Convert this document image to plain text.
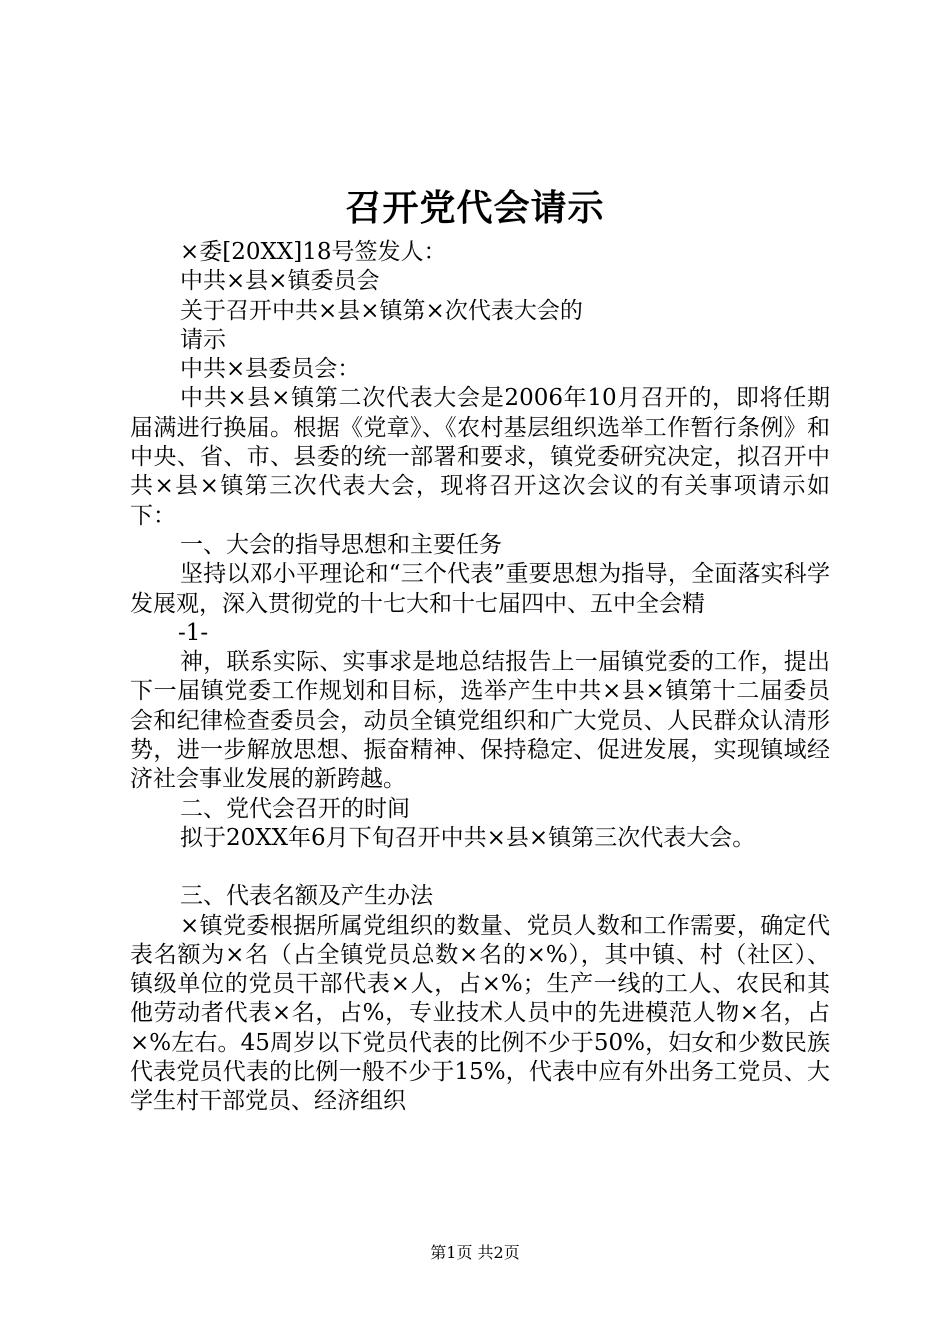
召开党代会请示

×委[20XX]18号签发人：

中共×县×镇委员会

关于召开中共×县×镇第×次代表大会的

请示

中共×县委员会：

中共×县×镇第二次代表大会是2006年10月召开的，即将任期届满进行换届。根据《党章》、《农村基层组织选举工作暂行条例》和中央、省、市、县委的统一部署和要求，镇党委研究决定，拟召开中共×县×镇第三次代表大会，现将召开这次会议的有关事项请示如下：

一、大会的指导思想和主要任务

坚持以邓小平理论和“三个代表”重要思想为指导，全面落实科学发展观，深入贯彻党的十七大和十七届四中、五中全会精

-1-

神，联系实际、实事求是地总结报告上一届镇党委的工作，提出下一届镇党委工作规划和目标，选举产生中共×县×镇第十二届委员会和纪律检查委员会，动员全镇党组织和广大党员、人民群众认清形势，进一步解放思想、振奋精神、保持稳定、促进发展，实现镇域经济社会事业发展的新跨越。

二、党代会召开的时间

拟于20XX年6月下旬召开中共×县×镇第三次代表大会。

三、代表名额及产生办法

×镇党委根据所属党组织的数量、党员人数和工作需要，确定代表名额为×名（占全镇党员总数×名的×%），其中镇、村（社区）、镇级单位的党员干部代表×人，占×%；生产一线的工人、农民和其他劳动者代表×名，占%，专业技术人员中的先进模范人物×名，占×%左右。45周岁以下党员代表的比例不少于50%，妇女和少数民族代表党员代表的比例一般不少于15%，代表中应有外出务工党员、大学生村干部党员、经济组织

第1页 共2页
